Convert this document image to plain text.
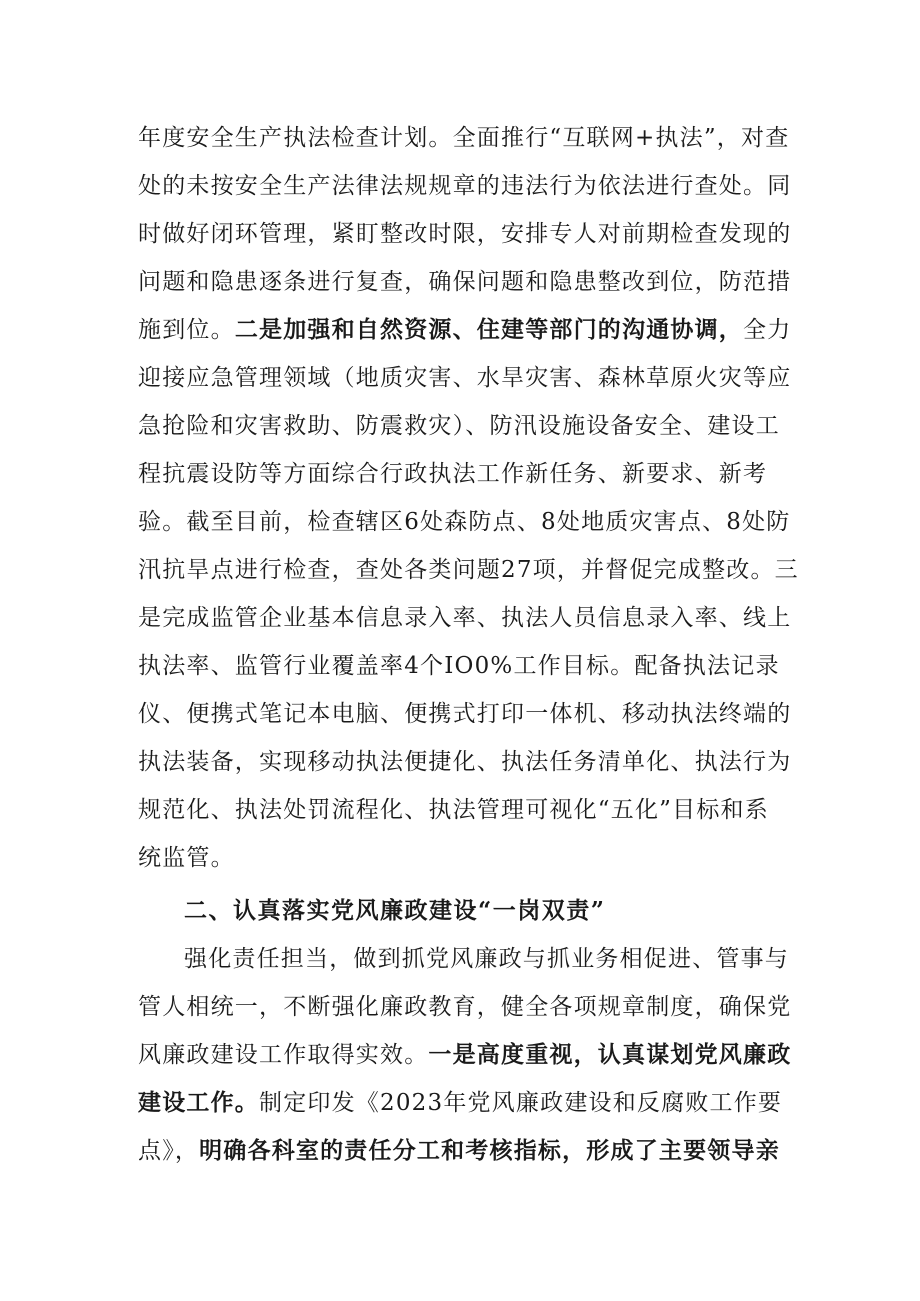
年度安全生产执法检查计划。全面推行“互联网+执法”，对查
处的未按安全生产法律法规规章的违法行为依法进行查处。同
时做好闭环管理，紧盯整改时限，安排专人对前期检查发现的
问题和隐患逐条进行复查，确保问题和隐患整改到位，防范措
施到位。二是加强和自然资源、住建等部门的沟通协调，全力
迎接应急管理领域（地质灾害、水旱灾害、森林草原火灾等应
急抢险和灾害救助、防震救灾）、防汛设施设备安全、建设工
程抗震设防等方面综合行政执法工作新任务、新要求、新考
验。截至目前，检查辖区6处森防点、8处地质灾害点、8处防
汛抗旱点进行检查，查处各类问题27项，并督促完成整改。三
是完成监管企业基本信息录入率、执法人员信息录入率、线上
执法率、监管行业覆盖率4个IO0%工作目标。配备执法记录
仪、便携式笔记本电脑、便携式打印一体机、移动执法终端的
执法装备，实现移动执法便捷化、执法任务清单化、执法行为
规范化、执法处罚流程化、执法管理可视化“五化”目标和系
统监管。
二、认真落实党风廉政建设“一岗双责”
强化责任担当，做到抓党风廉政与抓业务相促进、管事与
管人相统一，不断强化廉政教育，健全各项规章制度，确保党
风廉政建设工作取得实效。一是高度重视，认真谋划党风廉政
建设工作。制定印发《2023年党风廉政建设和反腐败工作要
点》，明确各科室的责任分工和考核指标，形成了主要领导亲
